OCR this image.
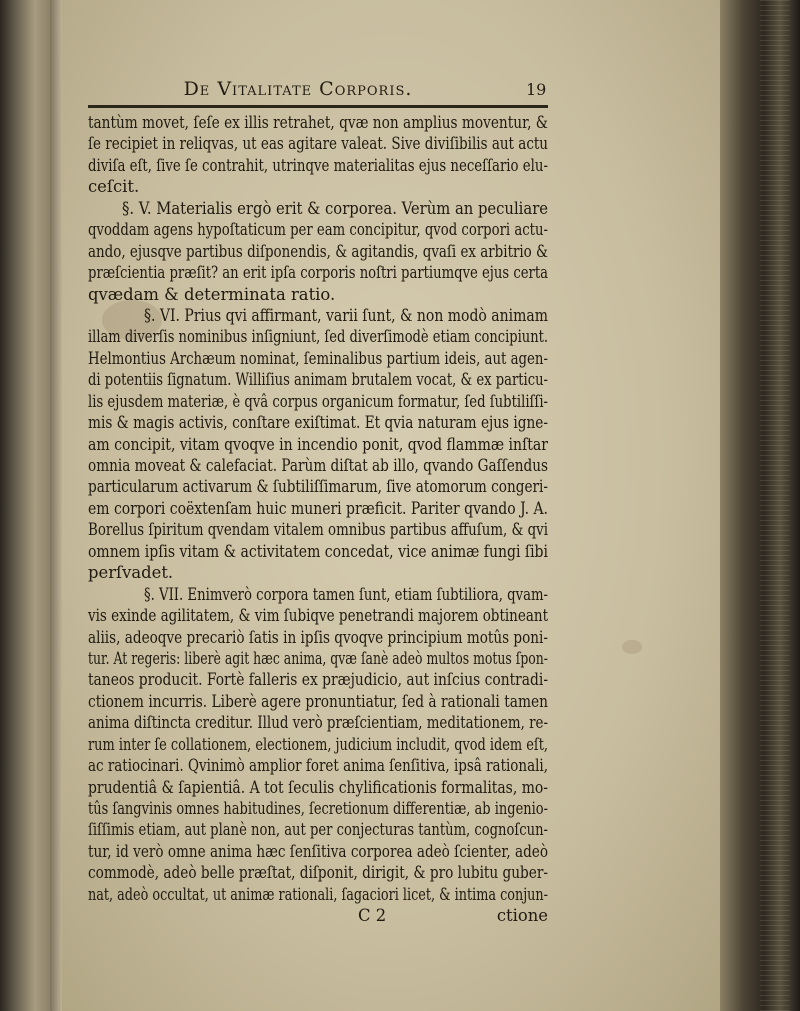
De Vitalitate Corporis.	19
tantùm movet, ſeſe ex illis retrahet, qvæ non amplius moventur, &
ſe recipiet in reliqvas, ut eas agitare valeat. Sive diviſibilis aut actu
diviſa eſt, ſive ſe contrahit, utrinqve materialitas ejus neceſſario elu-
ceſcit.
§. V. Materialis ergò erit & corporea. Verùm an peculiare
qvoddam agens hypoſtaticum per eam concipitur, qvod corpori actu-
ando, ejusqve partibus diſponendis, & agitandis, qvaſi ex arbitrio &
præſcientia præſit? an erit ipſa corporis noſtri partiumqve ejus certa
qvædam & determinata ratio.
§. VI. Prius qvi affirmant, varii ſunt, & non modò animam
illam diverſis nominibus inſigniunt, ſed diverſimodè etiam concipiunt.
Helmontius Archæum nominat, ſeminalibus partium ideis, aut agen-
di potentiis ſignatum. Williſius animam brutalem vocat, & ex particu-
lis ejusdem materiæ, è qvâ corpus organicum formatur, ſed ſubtiliſſi-
mis & magis activis, conſtare exiſtimat. Et qvia naturam ejus igne-
am concipit, vitam qvoqve in incendio ponit, qvod flammæ inſtar
omnia moveat & calefaciat. Parùm diſtat ab illo, qvando Gaſſendus
particularum activarum & ſubtiliſſimarum, ſive atomorum congeri-
em corpori coëxtenſam huic muneri præficit. Pariter qvando J. A.
Borellus ſpiritum qvendam vitalem omnibus partibus affuſum, & qvi
omnem ipſis vitam & activitatem concedat, vice animæ fungi ſibi
perſvadet.
§. VII. Enimverò corpora tamen ſunt, etiam ſubtiliora, qvam-
vis exinde agilitatem, & vim ſubiqve penetrandi majorem obtineant
aliis, adeoqve precariò ſatis in ipſis qvoqve principium motûs poni-
tur. At regeris: liberè agit hæc anima, qvæ ſanè adeò multos motus ſpon-
taneos producit. Fortè falleris ex præjudicio, aut inſcius contradi-
ctionem incurris. Liberè agere pronuntiatur, ſed à rationali tamen
anima diſtincta creditur. Illud verò præſcientiam, meditationem, re-
rum inter ſe collationem, electionem, judicium includit, qvod idem eſt,
ac ratiocinari. Qvinimò amplior foret anima ſenſitiva, ipsâ rationali,
prudentiâ & ſapientiâ. A tot ſeculis chylificationis formalitas, mo-
tûs ſangvinis omnes habitudines, ſecretionum differentiæ, ab ingenio-
ſiſſimis etiam, aut planè non, aut per conjecturas tantùm, cognoſcun-
tur, id verò omne anima hæc ſenſitiva corporea adeò ſcienter, adeò
commodè, adeò belle præſtat, diſponit, dirigit, & pro lubitu guber-
nat, adeò occultat, ut animæ rationali, ſagaciori licet, & intima conjun-
C 2	ctione
